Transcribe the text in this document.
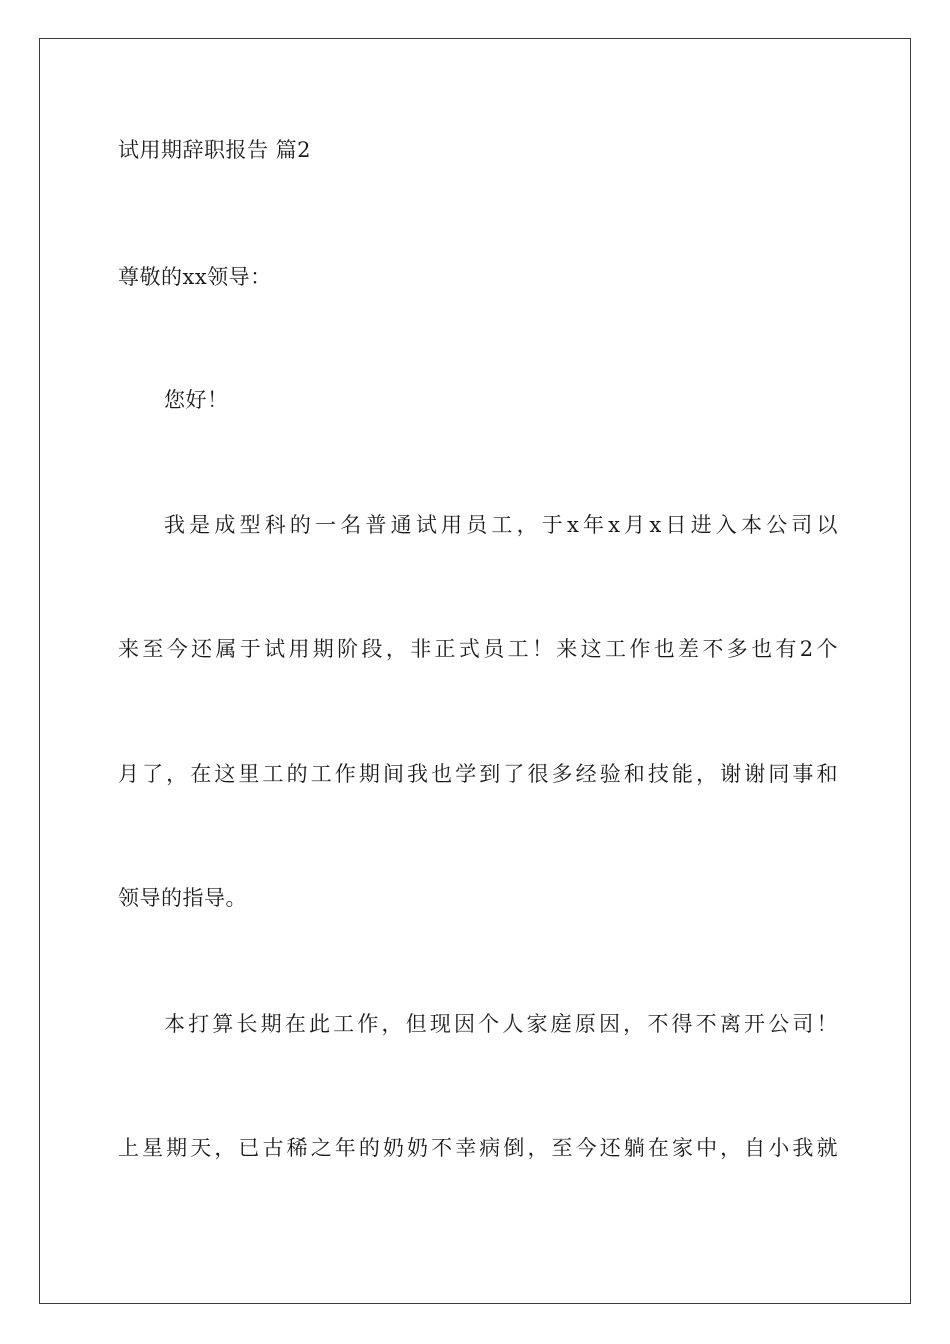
试用期辞职报告 篇2
尊敬的xx领导：
您好！
我是成型科的一名普通试用员工，于x年x月x日进入本公司以
来至今还属于试用期阶段，非正式员工！来这工作也差不多也有2个
月了，在这里工的工作期间我也学到了很多经验和技能，谢谢同事和
领导的指导。
本打算长期在此工作，但现因个人家庭原因，不得不离开公司！
上星期天，已古稀之年的奶奶不幸病倒，至今还躺在家中，自小我就
